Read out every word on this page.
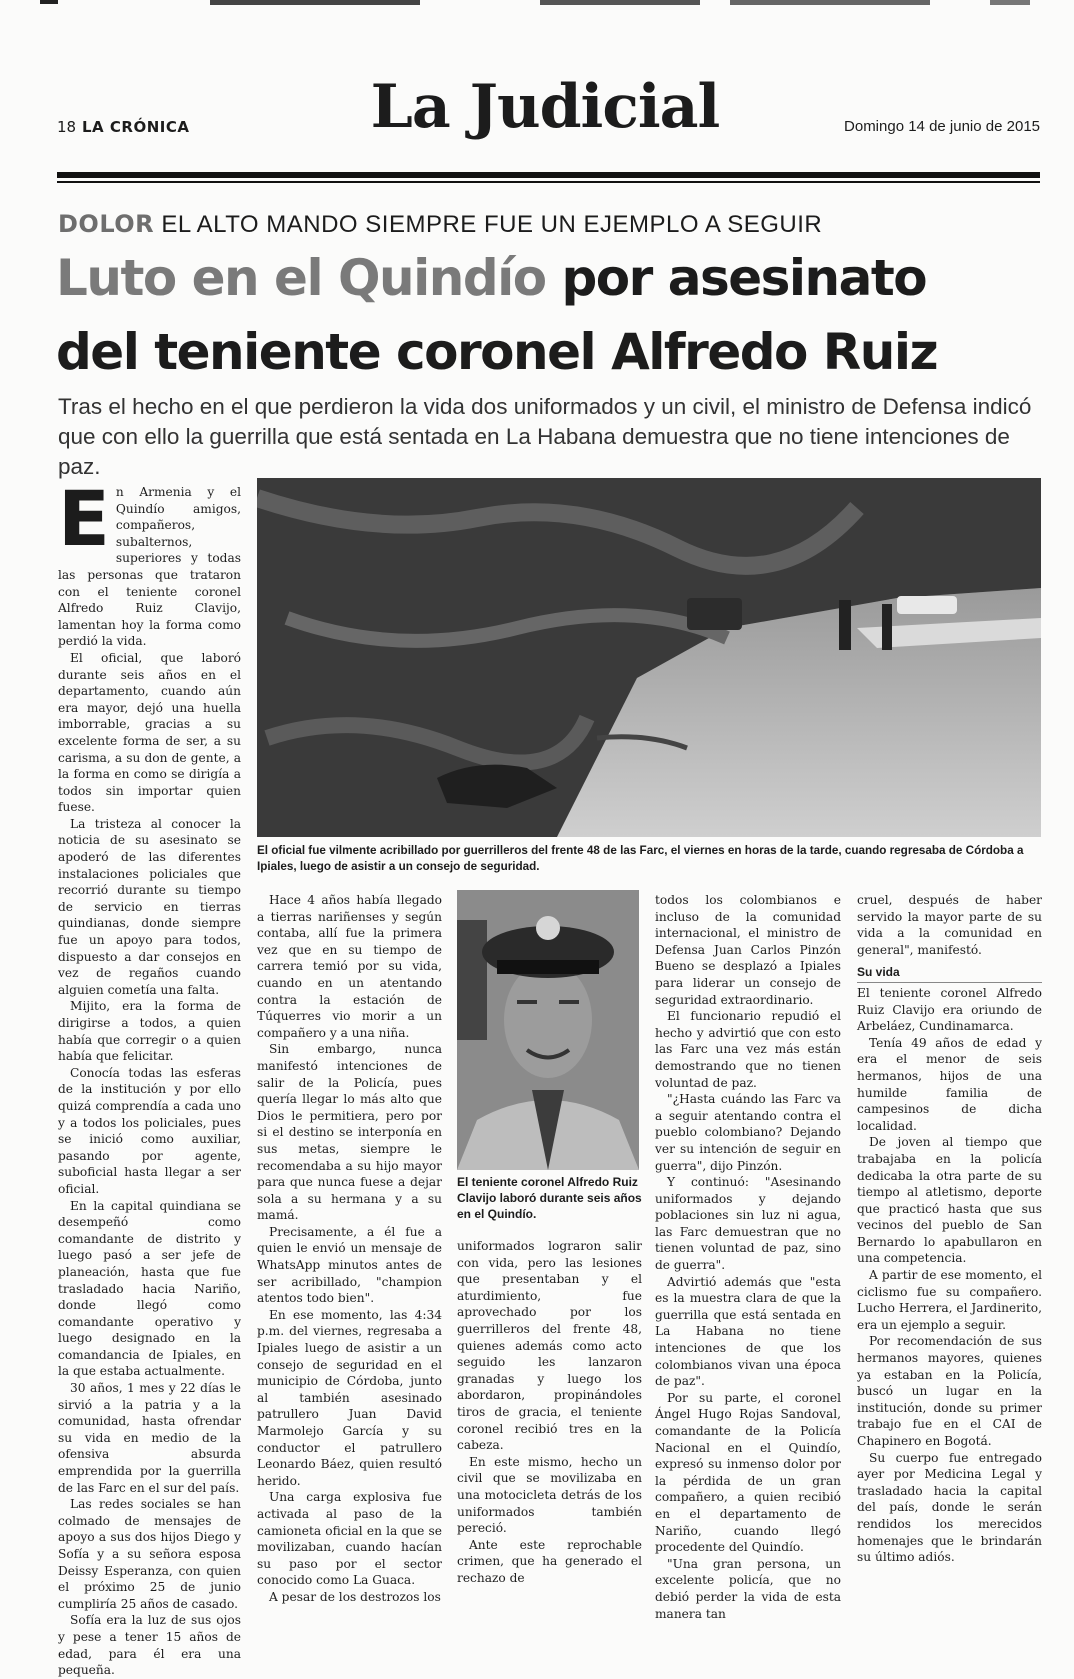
18 LA CRÓNICA	La Judicial	Domingo 14 de junio de 2015
DOLOR EL ALTO MANDO SIEMPRE FUE UN EJEMPLO A SEGUIR
Luto en el Quindío por asesinato
del teniente coronel Alfredo Ruiz
Tras el hecho en el que perdieron la vida dos uniformados y un civil, el ministro de Defensa indicó que con ello la guerrilla que está sentada en La Habana demuestra que no tiene intenciones de paz.
E n Armenia y el Quindío amigos, compañeros, subalternos, superiores y todas las personas que trataron con el teniente coronel Alfredo Ruiz Clavijo, lamentan hoy la forma como perdió la vida.

El oficial, que laboró durante seis años en el departamento, cuando aún era mayor, dejó una huella imborrable, gracias a su excelente forma de ser, a su carisma, a su don de gente, a la forma en como se dirigía a todos sin importar quien fuese.

La tristeza al conocer la noticia de su asesinato se apoderó de las diferentes instalaciones policiales que recorrió durante su tiempo de servicio en tierras quindianas, donde siempre fue un apoyo para todos, dispuesto a dar consejos en vez de regaños cuando alguien cometía una falta.

Mijito, era la forma de dirigirse a todos, a quien había que corregir o a quien había que felicitar.

Conocía todas las esferas de la institución y por ello quizá comprendía a cada uno y a todos los policiales, pues se inició como auxiliar, pasando por agente, suboficial hasta llegar a ser oficial.

En la capital quindiana se desempeñó como comandante de distrito y luego pasó a ser jefe de planeación, hasta que fue trasladado hacia Nariño, donde llegó como comandante operativo y luego designado en la comandancia de Ipiales, en la que estaba actualmente.

30 años, 1 mes y 22 días le sirvió a la patria y a la comunidad, hasta ofrendar su vida en medio de la ofensiva absurda emprendida por la guerrilla de las Farc en el sur del país.

Las redes sociales se han colmado de mensajes de apoyo a sus dos hijos Diego y Sofía y a su señora esposa Deissy Esperanza, con quien el próximo 25 de junio cumpliría 25 años de casado.

Sofía era la luz de sus ojos y pese a tener 15 años de edad, para él era una pequeña.

El oficial fue vilmente acribillado por guerrilleros del frente 48 de las Farc, el viernes en horas de la tarde, cuando regresaba de Córdoba a Ipiales, luego de asistir a un consejo de seguridad.

Hace 4 años había llegado a tierras nariñenses y según contaba, allí fue la primera vez que en su tiempo de carrera temió por su vida, cuando en un atentando contra la estación de Túquerres vio morir a un compañero y a una niña.

Sin embargo, nunca manifestó intenciones de salir de la Policía, pues quería llegar lo más alto que Dios le permitiera, pero por si el destino se interponía en sus metas, siempre le recomendaba a su hijo mayor para que nunca fuese a dejar sola a su hermana y a su mamá.

Precisamente, a él fue a quien le envió un mensaje de WhatsApp minutos antes de ser acribillado, "champion atentos todo bien".

En ese momento, las 4:34 p.m. del viernes, regresaba a Ipiales luego de asistir a un consejo de seguridad en el municipio de Córdoba, junto al también asesinado patrullero Juan David Marmolejo García y su conductor el patrullero Leonardo Báez, quien resultó herido.

Una carga explosiva fue activada al paso de la camioneta oficial en la que se movilizaban, cuando hacían su paso por el sector conocido como La Guaca.

A pesar de los destrozos los

El teniente coronel Alfredo Ruiz Clavijo laboró durante seis años en el Quindío.

uniformados lograron salir con vida, pero las lesiones que presentaban y el aturdimiento, fue aprovechado por los guerrilleros del frente 48, quienes además como acto seguido les lanzaron granadas y luego los abordaron, propinándoles tiros de gracia, el teniente coronel recibió tres en la cabeza.

En este mismo, hecho un civil que se movilizaba en una motocicleta detrás de los uniformados también pereció.

Ante este reprochable crimen, que ha generado el rechazo de

todos los colombianos e incluso de la comunidad internacional, el ministro de Defensa Juan Carlos Pinzón Bueno se desplazó a Ipiales para liderar un consejo de seguridad extraordinario.

El funcionario repudió el hecho y advirtió que con esto las Farc una vez más están demostrando que no tienen voluntad de paz.

"¿Hasta cuándo las Farc va a seguir atentando contra el pueblo colombiano? Dejando ver su intención de seguir en guerra", dijo Pinzón.

Y continuó: "Asesinando uniformados y dejando poblaciones sin luz ni agua, las Farc demuestran que no tienen voluntad de paz, sino de guerra".

Advirtió además que "esta es la muestra clara de que la guerrilla que está sentada en La Habana no tiene intenciones de que los colombianos vivan una época de paz".

Por su parte, el coronel Ángel Hugo Rojas Sandoval, comandante de la Policía Nacional en el Quindío, expresó su inmenso dolor por la pérdida de un gran compañero, a quien recibió en el departamento de Nariño, cuando llegó procedente del Quindío.

"Una gran persona, un excelente policía, que no debió perder la vida de esta manera tan

cruel, después de haber servido la mayor parte de su vida a la comunidad en general", manifestó.

Su vida

El teniente coronel Alfredo Ruiz Clavijo era oriundo de Arbeláez, Cundinamarca.

Tenía 49 años de edad y era el menor de seis hermanos, hijos de una humilde familia de campesinos de dicha localidad.

De joven al tiempo que trabajaba en la policía dedicaba la otra parte de su tiempo al atletismo, deporte que practicó hasta que sus vecinos del pueblo de San Bernardo lo apabullaron en una competencia.

A partir de ese momento, el ciclismo fue su compañero. Lucho Herrera, el Jardinerito, era un ejemplo a seguir.

Por recomendación de sus hermanos mayores, quienes ya estaban en la Policía, buscó un lugar en la institución, donde su primer trabajo fue en el CAI de Chapinero en Bogotá.

Su cuerpo fue entregado ayer por Medicina Legal y trasladado hacia la capital del país, donde le serán rendidos los merecidos homenajes que le brindarán su último adiós.
